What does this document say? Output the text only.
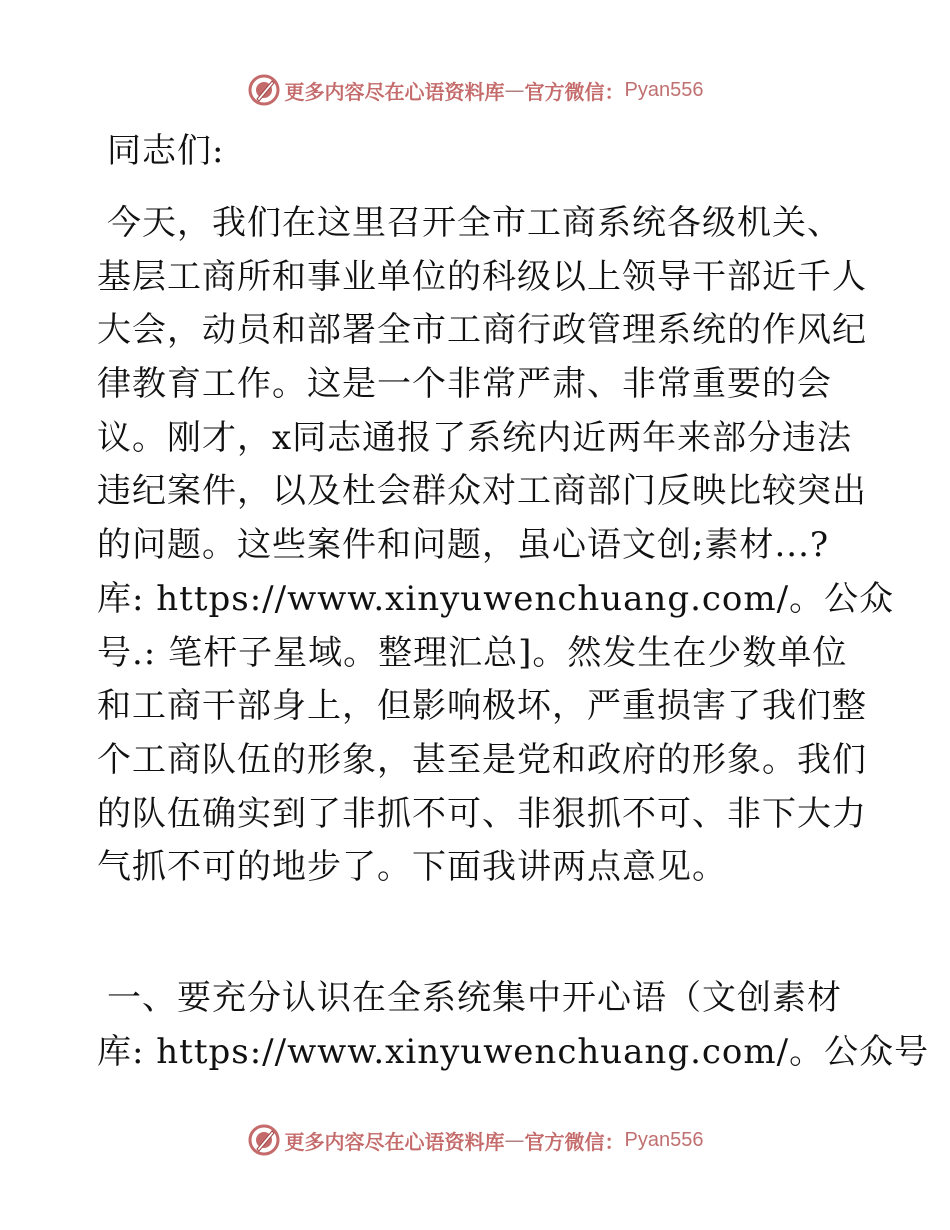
更多内容尽在心语资料库 — 官方微信： Pyan556
同志们:
今天，我们在这里召开全市工商系统各级机关、
基层工商所和事业单位的科级以上领导干部近千人
大会，动员和部署全市工商行政管理系统的作风纪
律教育工作。这是一个非常严肃、非常重要的会
议。刚才，x同志通报了系统内近两年来部分违法
违纪案件，以及杜会群众对工商部门反映比较突出
的问题。这些案件和问题，虽心语文创;素材...?
库: https://www.xinyuwenchuang.com/。公众
号.: 笔杆子星域。整理汇总]。然发生在少数单位
和工商干部身上，但影响极坏，严重损害了我们整
个工商队伍的形象，甚至是党和政府的形象。我们
的队伍确实到了非抓不可、非狠抓不可、非下大力
气抓不可的地步了。下面我讲两点意见。
一、要充分认识在全系统集中开心语（文创素材
库: https://www.xinyuwenchuang.com/。公众号
更多内容尽在心语资料库 — 官方微信： Pyan556
